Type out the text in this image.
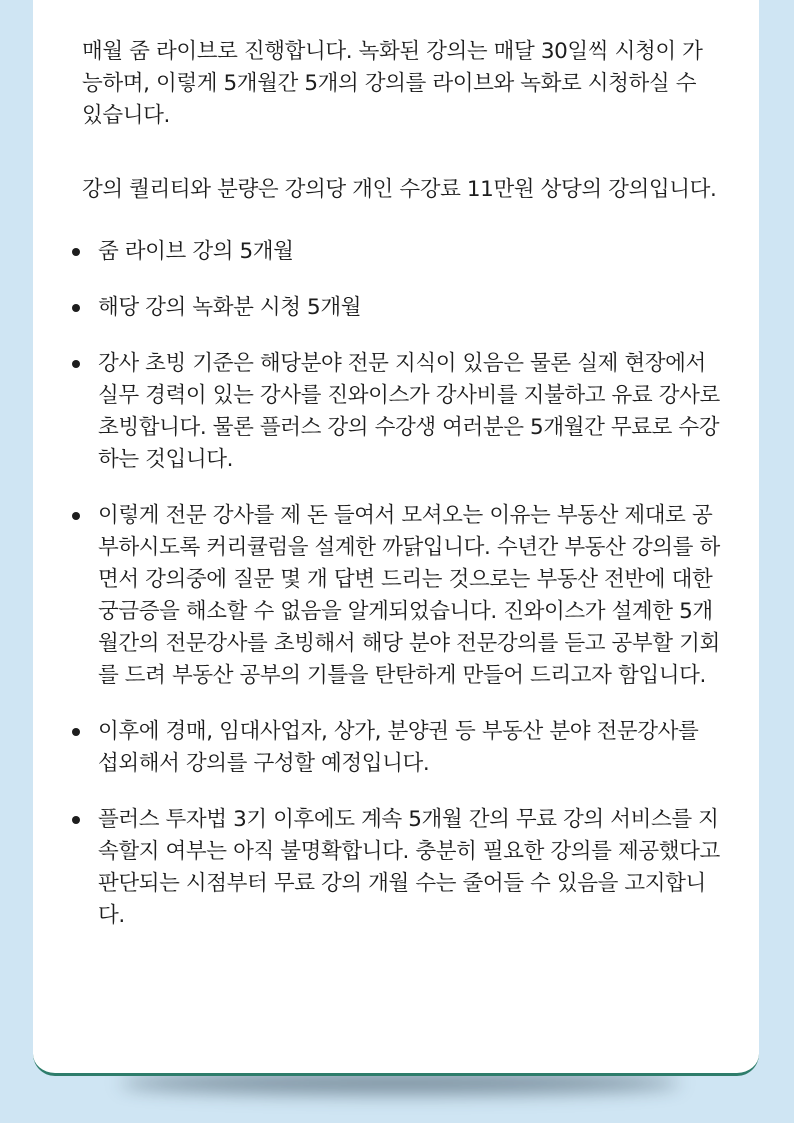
매월 줌 라이브로 진행합니다. 녹화된 강의는 매달 30일씩 시청이 가능하며, 이렇게 5개월간 5개의 강의를 라이브와 녹화로 시청하실 수 있습니다.

강의 퀄리티와 분량은 강의당 개인 수강료 11만원 상당의 강의입니다.

줌 라이브 강의 5개월
해당 강의 녹화분 시청 5개월
강사 초빙 기준은 해당분야 전문 지식이 있음은 물론 실제 현장에서 실무 경력이 있는 강사를 진와이스가 강사비를 지불하고 유료 강사로 초빙합니다. 물론 플러스 강의 수강생 여러분은 5개월간 무료로 수강하는 것입니다.
이렇게 전문 강사를 제 돈 들여서 모셔오는 이유는 부동산 제대로 공부하시도록 커리큘럼을 설계한 까닭입니다. 수년간 부동산 강의를 하면서 강의중에 질문 몇 개 답변 드리는 것으로는 부동산 전반에 대한 궁금증을 해소할 수 없음을 알게되었습니다. 진와이스가 설계한 5개월간의 전문강사를 초빙해서 해당 분야 전문강의를 듣고 공부할 기회를 드려 부동산 공부의 기틀을 탄탄하게 만들어 드리고자 함입니다.
이후에 경매, 임대사업자, 상가, 분양권 등 부동산 분야 전문강사를 섭외해서 강의를 구성할 예정입니다.
플러스 투자법 3기 이후에도 계속 5개월 간의 무료 강의 서비스를 지속할지 여부는 아직 불명확합니다. 충분히 필요한 강의를 제공했다고 판단되는 시점부터 무료 강의 개월 수는 줄어들 수 있음을 고지합니다.
